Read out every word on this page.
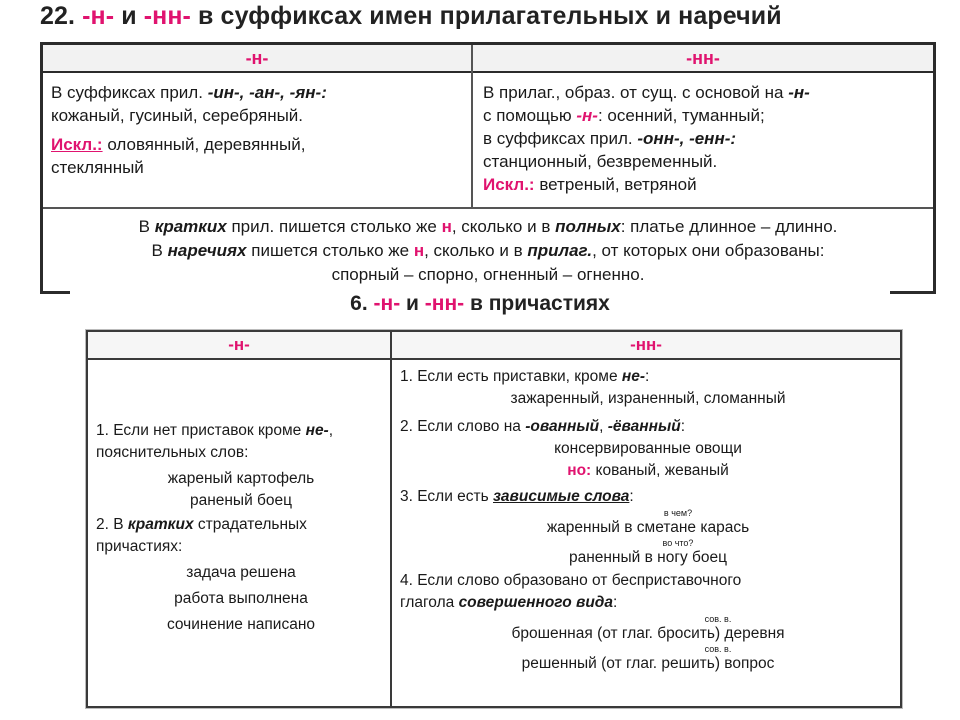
22. -н- и -нн- в суффиксах имен прилагательных и наречий
-н-	-нн-
В суффиксах прил. -ин-, -ан-, -ян-:
кожаный, гусиный, серебряный.
Искл.: оловянный, деревянный,
стеклянный
В прилаг., образ. от сущ. с основой на -н-
с помощью -н-: осенний, туманный;
в суффиксах прил. -онн-, -енн-:
станционный, безвременный.
Искл.: ветреный, ветряной
В кратких прил. пишется столько же н, сколько и в полных: платье длинное – длинно.
В наречиях пишется столько же н, сколько и в прилаг., от которых они образованы:
спорный – спорно, огненный – огненно.
6. -н- и -нн- в причастиях
-н-	-нн-
1. Если нет приставок кроме не-, пояснительных слов:
жареный картофель
раненый боец
2. В кратких страдательных
причастиях:
задача решена
работа выполнена
сочинение написано
1. Если есть приставки, кроме не-:
зажаренный, израненный, сломанный
2. Если слово на -ованный, -ёванный:
консервированные овощи
но: кованый, жеваный
3. Если есть зависимые слова:
в чем?
жаренный в сметане карась
во что?
раненный в ногу боец
4. Если слово образовано от бесприставочного
глагола совершенного вида:
сов. в.
брошенная (от глаг. бросить) деревня
сов. в.
решенный (от глаг. решить) вопрос
